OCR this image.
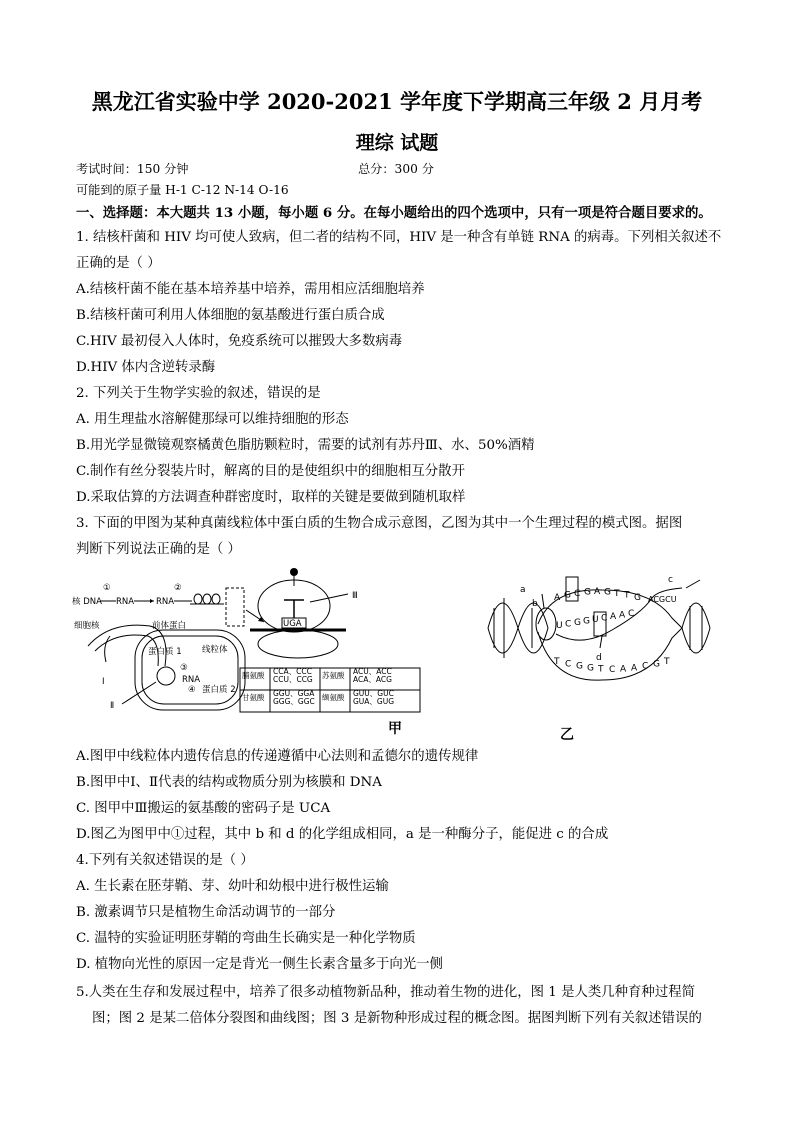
黑龙江省实验中学 2020-2021 学年度下学期高三年级 2 月月考
理综 试题
考试时间：150 分钟	总分：300 分
可能到的原子量 H-1 C-12 N-14 O-16
一、选择题：本大题共 13 小题，每小题 6 分。在每小题给出的四个选项中，只有一项是符合题目要求的。
1. 结核杆菌和 HIV 均可使人致病，但二者的结构不同，HIV 是一种含有单链 RNA 的病毒。下列相关叙述不
正确的是（ ）
A.结核杆菌不能在基本培养基中培养，需用相应活细胞培养
B.结核杆菌可利用人体细胞的氨基酸进行蛋白质合成
C.HIV 最初侵入人体时，免疫系统可以摧毁大多数病毒
D.HIV 体内含逆转录酶
2. 下列关于生物学实验的叙述，错误的是
A. 用生理盐水溶解健那绿可以维持细胞的形态
B.用光学显微镜观察橘黄色脂肪颗粒时，需要的试剂有苏丹Ⅲ、水、50%酒精
C.制作有丝分裂装片时，解离的目的是使组织中的细胞相互分散开
D.采取估算的方法调查种群密度时，取样的关键是要做到随机取样
3. 下面的甲图为某种真菌线粒体中蛋白质的生物合成示意图，乙图为其中一个生理过程的模式图。据图
判断下列说法正确的是（ ）
核 DNA
①
RNA	RNA
②
细胞核
Ⅰ
前体蛋白
蛋白质 1 线粒体
③
RNA
④ 蛋白质 2
Ⅱ
UGA
Ⅲ
脯氨酸 CCA、CCC
CCU、CCG 苏氨酸 ACU、ACC
ACA、ACG
甘氨酸 GGU、GGA
GGG、GGC 缬氨酸 GUU、GUC
GUA、GUG
甲
a
b
c
d
ACGCU
A G C G A G T T G
U C G G U C A A C
T C G G T C A A C G T
乙
A.图甲中线粒体内遗传信息的传递遵循中心法则和孟德尔的遗传规律
B.图甲中Ⅰ、Ⅱ代表的结构或物质分别为核膜和 DNA
C. 图甲中Ⅲ搬运的氨基酸的密码子是 UCA
D.图乙为图甲中①过程，其中 b 和 d 的化学组成相同，a 是一种酶分子，能促进 c 的合成
4.下列有关叙述错误的是（ ）
A. 生长素在胚芽鞘、芽、幼叶和幼根中进行极性运输
B. 激素调节只是植物生命活动调节的一部分
C. 温特的实验证明胚芽鞘的弯曲生长确实是一种化学物质
D. 植物向光性的原因一定是背光一侧生长素含量多于向光一侧
5.人类在生存和发展过程中，培养了很多动植物新品种，推动着生物的进化，图 1 是人类几种育种过程简
图；图 2 是某二倍体分裂图和曲线图；图 3 是新物种形成过程的概念图。据图判断下列有关叙述错误的
